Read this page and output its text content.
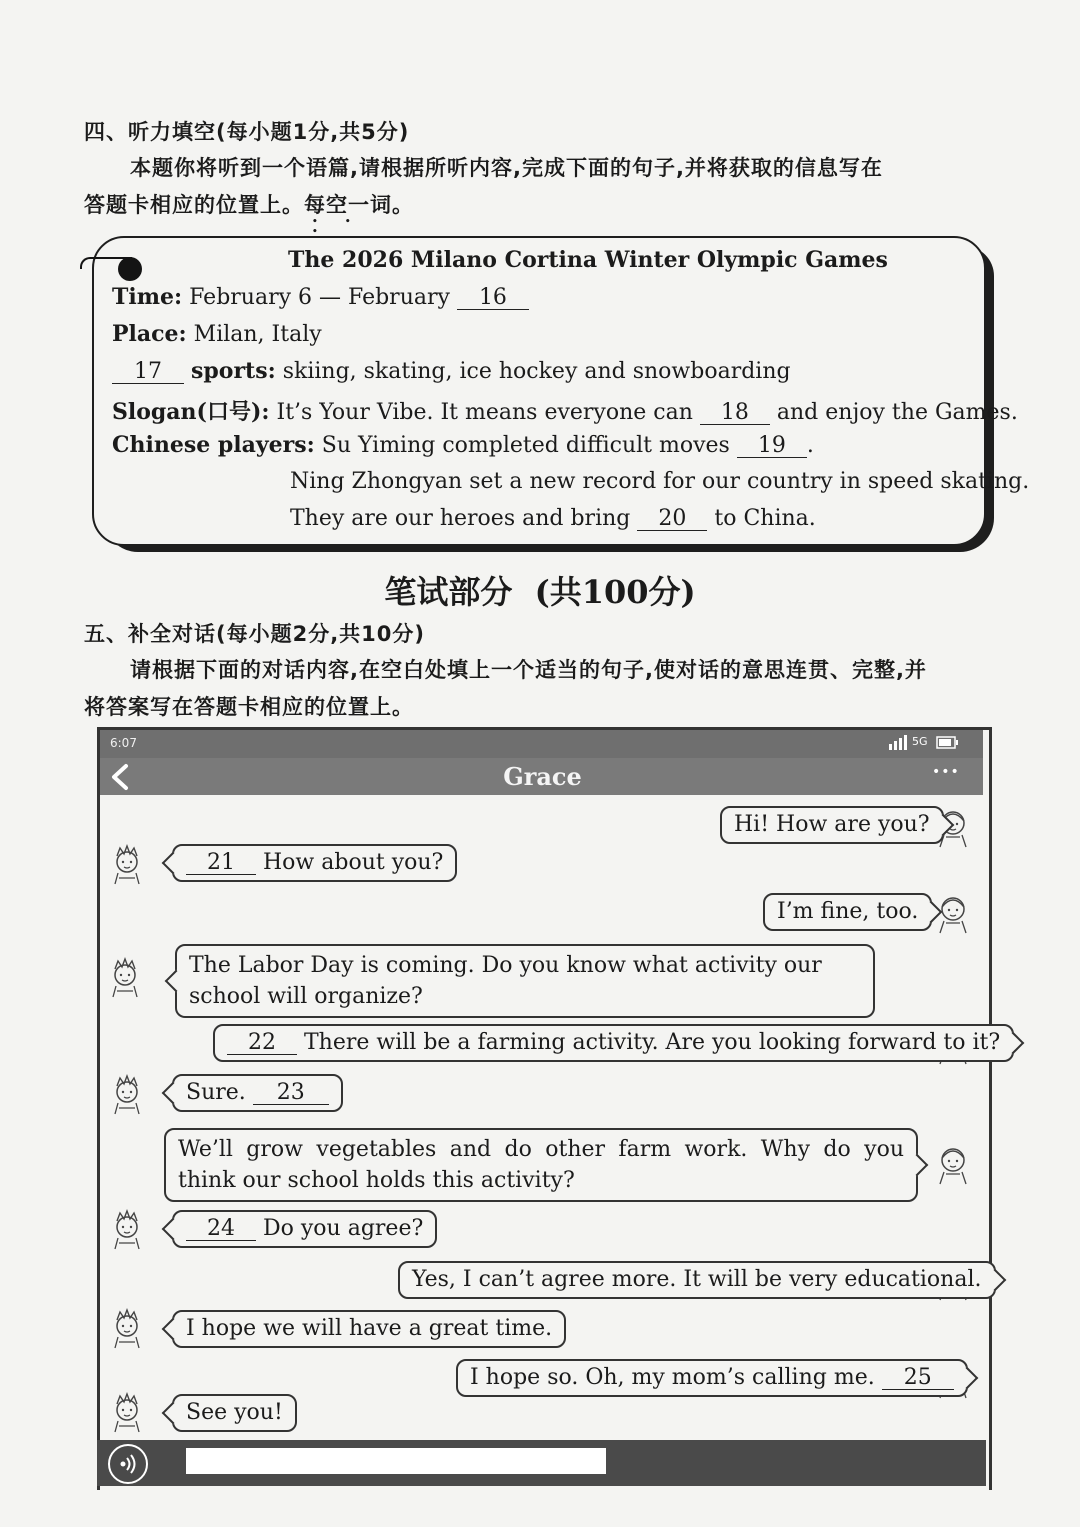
四、听力填空(每小题1分,共5分)
本题你将听到一个语篇,请根据所听内容,完成下面的句子,并将获取的信息写在
答题卡相应的位置上。每空一词 • • •。
The 2026 Milano Cortina Winter Olympic Games
Time: February 6 — February 16
Place: Milan, Italy
17 sports: skiing, skating, ice hockey and snowboarding
Slogan(口号): It’s Your Vibe. It means everyone can 18 and enjoy the Games.
Chinese players: Su Yiming completed difficult moves 19 .
Ning Zhongyan set a new record for our country in speed skating.
They are our heroes and bring 20 to China.
笔试部分  (共100分)
五、补全对话(每小题2分,共10分)
请根据下面的对话内容,在空白处填上一个适当的句子,使对话的意思连贯、完整,并
将答案写在答题卡相应的位置上。
6:07	5G
Grace	•••
Hi! How are you?
21 How about you?
I’m fine, too.
The Labor Day is coming. Do you know what activity our school will organize?
22 There will be a farming activity. Are you looking forward to it?
Sure. 23
We’ll grow vegetables and do other farm work. Why do you think our school holds this activity?
24 Do you agree?
Yes, I can’t agree more. It will be very educational.
I hope we will have a great time.
I hope so. Oh, my mom’s calling me. 25
See you!
